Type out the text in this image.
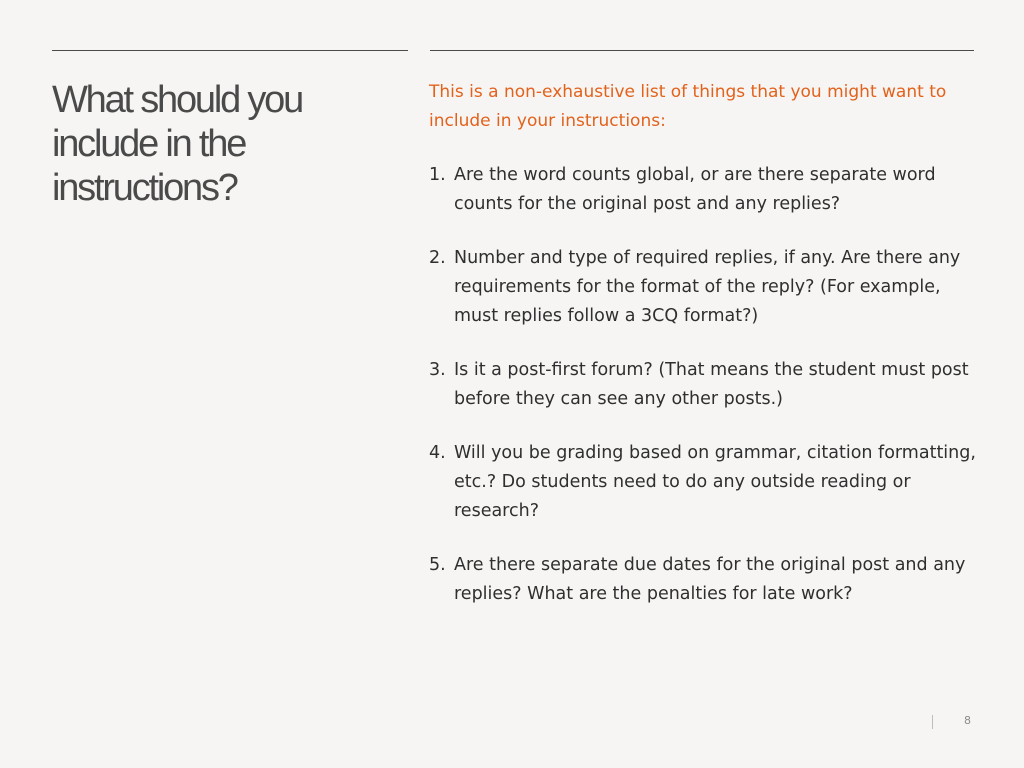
What should you include in the instructions?

This is a non-exhaustive list of things that you might want to include in your instructions:

1. Are the word counts global, or are there separate word counts for the original post and any replies?
2. Number and type of required replies, if any. Are there any requirements for the format of the reply? (For example, must replies follow a 3CQ format?)
3. Is it a post-first forum? (That means the student must post before they can see any other posts.)
4. Will you be grading based on grammar, citation formatting, etc.? Do students need to do any outside reading or research?
5. Are there separate due dates for the original post and any replies? What are the penalties for late work?
8
